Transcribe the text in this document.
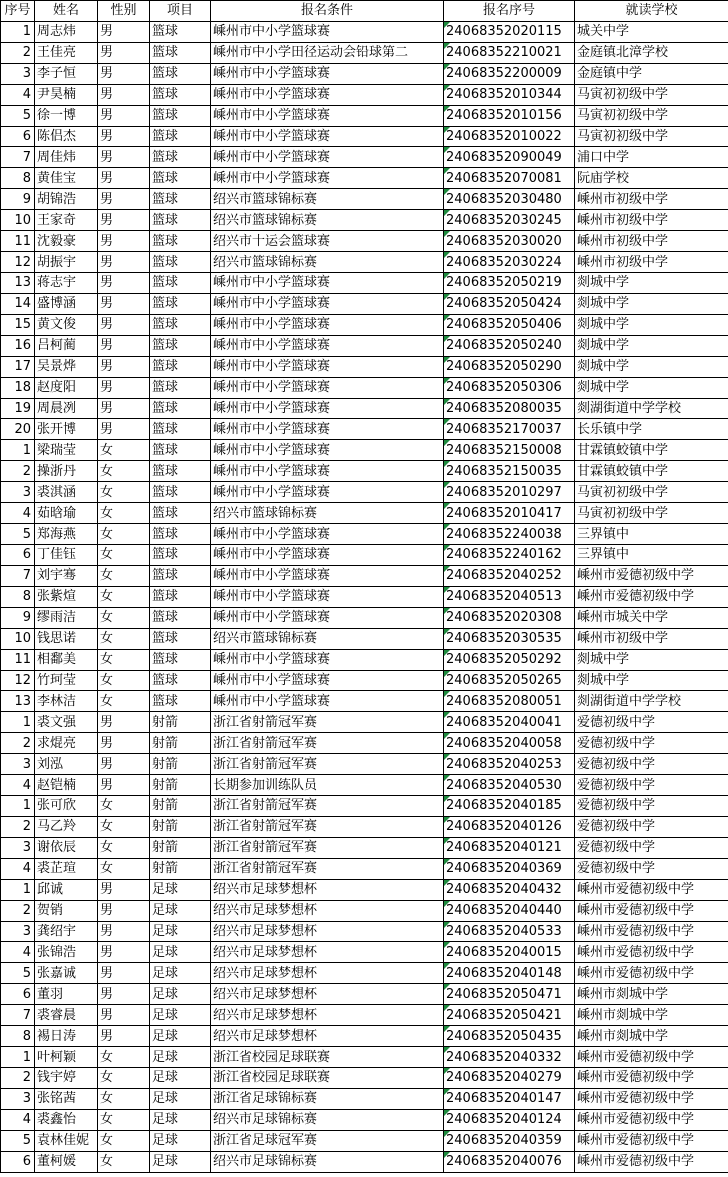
序号	姓名	性别	项目	报名条件	报名序号	就读学校
1	周志炜	男	篮球	嵊州市中小学篮球赛	24068352020115	城关中学
2	王佳亮	男	篮球	嵊州市中小学田径运动会铅球第二	24068352210021	金庭镇北漳学校
3	李子恒	男	篮球	嵊州市中小学篮球赛	24068352200009	金庭镇中学
4	尹昊楠	男	篮球	嵊州市中小学篮球赛	24068352010344	马寅初初级中学
5	徐一博	男	篮球	嵊州市中小学篮球赛	24068352010156	马寅初初级中学
6	陈侣杰	男	篮球	嵊州市中小学篮球赛	24068352010022	马寅初初级中学
7	周佳炜	男	篮球	嵊州市中小学篮球赛	24068352090049	浦口中学
8	黄佳宝	男	篮球	嵊州市中小学篮球赛	24068352070081	阮庙学校
9	胡锦浩	男	篮球	绍兴市篮球锦标赛	24068352030480	嵊州市初级中学
10	王家奇	男	篮球	绍兴市篮球锦标赛	24068352030245	嵊州市初级中学
11	沈毅豪	男	篮球	绍兴市十运会篮球赛	24068352030020	嵊州市初级中学
12	胡振宇	男	篮球	绍兴市篮球锦标赛	24068352030224	嵊州市初级中学
13	蒋志宇	男	篮球	嵊州市中小学篮球赛	24068352050219	剡城中学
14	盛博涵	男	篮球	嵊州市中小学篮球赛	24068352050424	剡城中学
15	黄文俊	男	篮球	嵊州市中小学篮球赛	24068352050406	剡城中学
16	吕柯蔺	男	篮球	嵊州市中小学篮球赛	24068352050240	剡城中学
17	吴景烨	男	篮球	嵊州市中小学篮球赛	24068352050290	剡城中学
18	赵度阳	男	篮球	嵊州市中小学篮球赛	24068352050306	剡城中学
19	周晨冽	男	篮球	嵊州市中小学篮球赛	24068352080035	剡湖街道中学学校
20	张开博	男	篮球	嵊州市中小学篮球赛	24068352170037	长乐镇中学
1	梁瑞莹	女	篮球	嵊州市中小学篮球赛	24068352150008	甘霖镇蛟镇中学
2	操浙丹	女	篮球	嵊州市中小学篮球赛	24068352150035	甘霖镇蛟镇中学
3	裘淇涵	女	篮球	嵊州市中小学篮球赛	24068352010297	马寅初初级中学
4	茹晗瑜	女	篮球	绍兴市篮球锦标赛	24068352010417	马寅初初级中学
5	郑海燕	女	篮球	嵊州市中小学篮球赛	24068352240038	三界镇中
6	丁佳钰	女	篮球	嵊州市中小学篮球赛	24068352240162	三界镇中
7	刘宇骞	女	篮球	嵊州市中小学篮球赛	24068352040252	嵊州市爱德初级中学
8	张紫煊	女	篮球	嵊州市中小学篮球赛	24068352040513	嵊州市爱德初级中学
9	缪雨洁	女	篮球	嵊州市中小学篮球赛	24068352020308	嵊州市城关中学
10	钱思诺	女	篮球	绍兴市篮球锦标赛	24068352030535	嵊州市初级中学
11	相鄱美	女	篮球	嵊州市中小学篮球赛	24068352050292	剡城中学
12	竹珂莹	女	篮球	嵊州市中小学篮球赛	24068352050265	剡城中学
13	李林洁	女	篮球	嵊州市中小学篮球赛	24068352080051	剡湖街道中学学校
1	裘文强	男	射箭	浙江省射箭冠军赛	24068352040041	爱德初级中学
2	求焜亮	男	射箭	浙江省射箭冠军赛	24068352040058	爱德初级中学
3	刘泓	男	射箭	浙江省射箭冠军赛	24068352040253	爱德初级中学
4	赵铠楠	男	射箭	长期参加训练队员	24068352040530	爱德初级中学
1	张可欣	女	射箭	浙江省射箭冠军赛	24068352040185	爱德初级中学
2	马乙羚	女	射箭	浙江省射箭冠军赛	24068352040126	爱德初级中学
3	谢依辰	女	射箭	浙江省射箭冠军赛	24068352040121	爱德初级中学
4	裘芷瑄	女	射箭	浙江省射箭冠军赛	24068352040369	爱德初级中学
1	邱诚	男	足球	绍兴市足球梦想杯	24068352040432	嵊州市爱德初级中学
2	贺销	男	足球	绍兴市足球梦想杯	24068352040440	嵊州市爱德初级中学
3	龚绍宇	男	足球	绍兴市足球梦想杯	24068352040533	嵊州市爱德初级中学
4	张锦浩	男	足球	绍兴市足球梦想杯	24068352040015	嵊州市爱德初级中学
5	张嘉诚	男	足球	绍兴市足球梦想杯	24068352040148	嵊州市爱德初级中学
6	董羽	男	足球	绍兴市足球梦想杯	24068352050471	嵊州市剡城中学
7	裘睿晨	男	足球	绍兴市足球梦想杯	24068352050421	嵊州市剡城中学
8	裼日涛	男	足球	绍兴市足球梦想杯	24068352050435	嵊州市剡城中学
1	叶柯颖	女	足球	浙江省校园足球联赛	24068352040332	嵊州市爱德初级中学
2	钱宇婷	女	足球	浙江省校园足球联赛	24068352040279	嵊州市爱德初级中学
3	张铭茜	女	足球	浙江省足球锦标赛	24068352040147	嵊州市爱德初级中学
4	裘鑫怡	女	足球	绍兴市足球锦标赛	24068352040124	嵊州市爱德初级中学
5	袁林佳妮	女	足球	浙江省足球冠军赛	24068352040359	嵊州市爱德初级中学
6	董柯媛	女	足球	绍兴市足球锦标赛	24068352040076	嵊州市爱德初级中学
